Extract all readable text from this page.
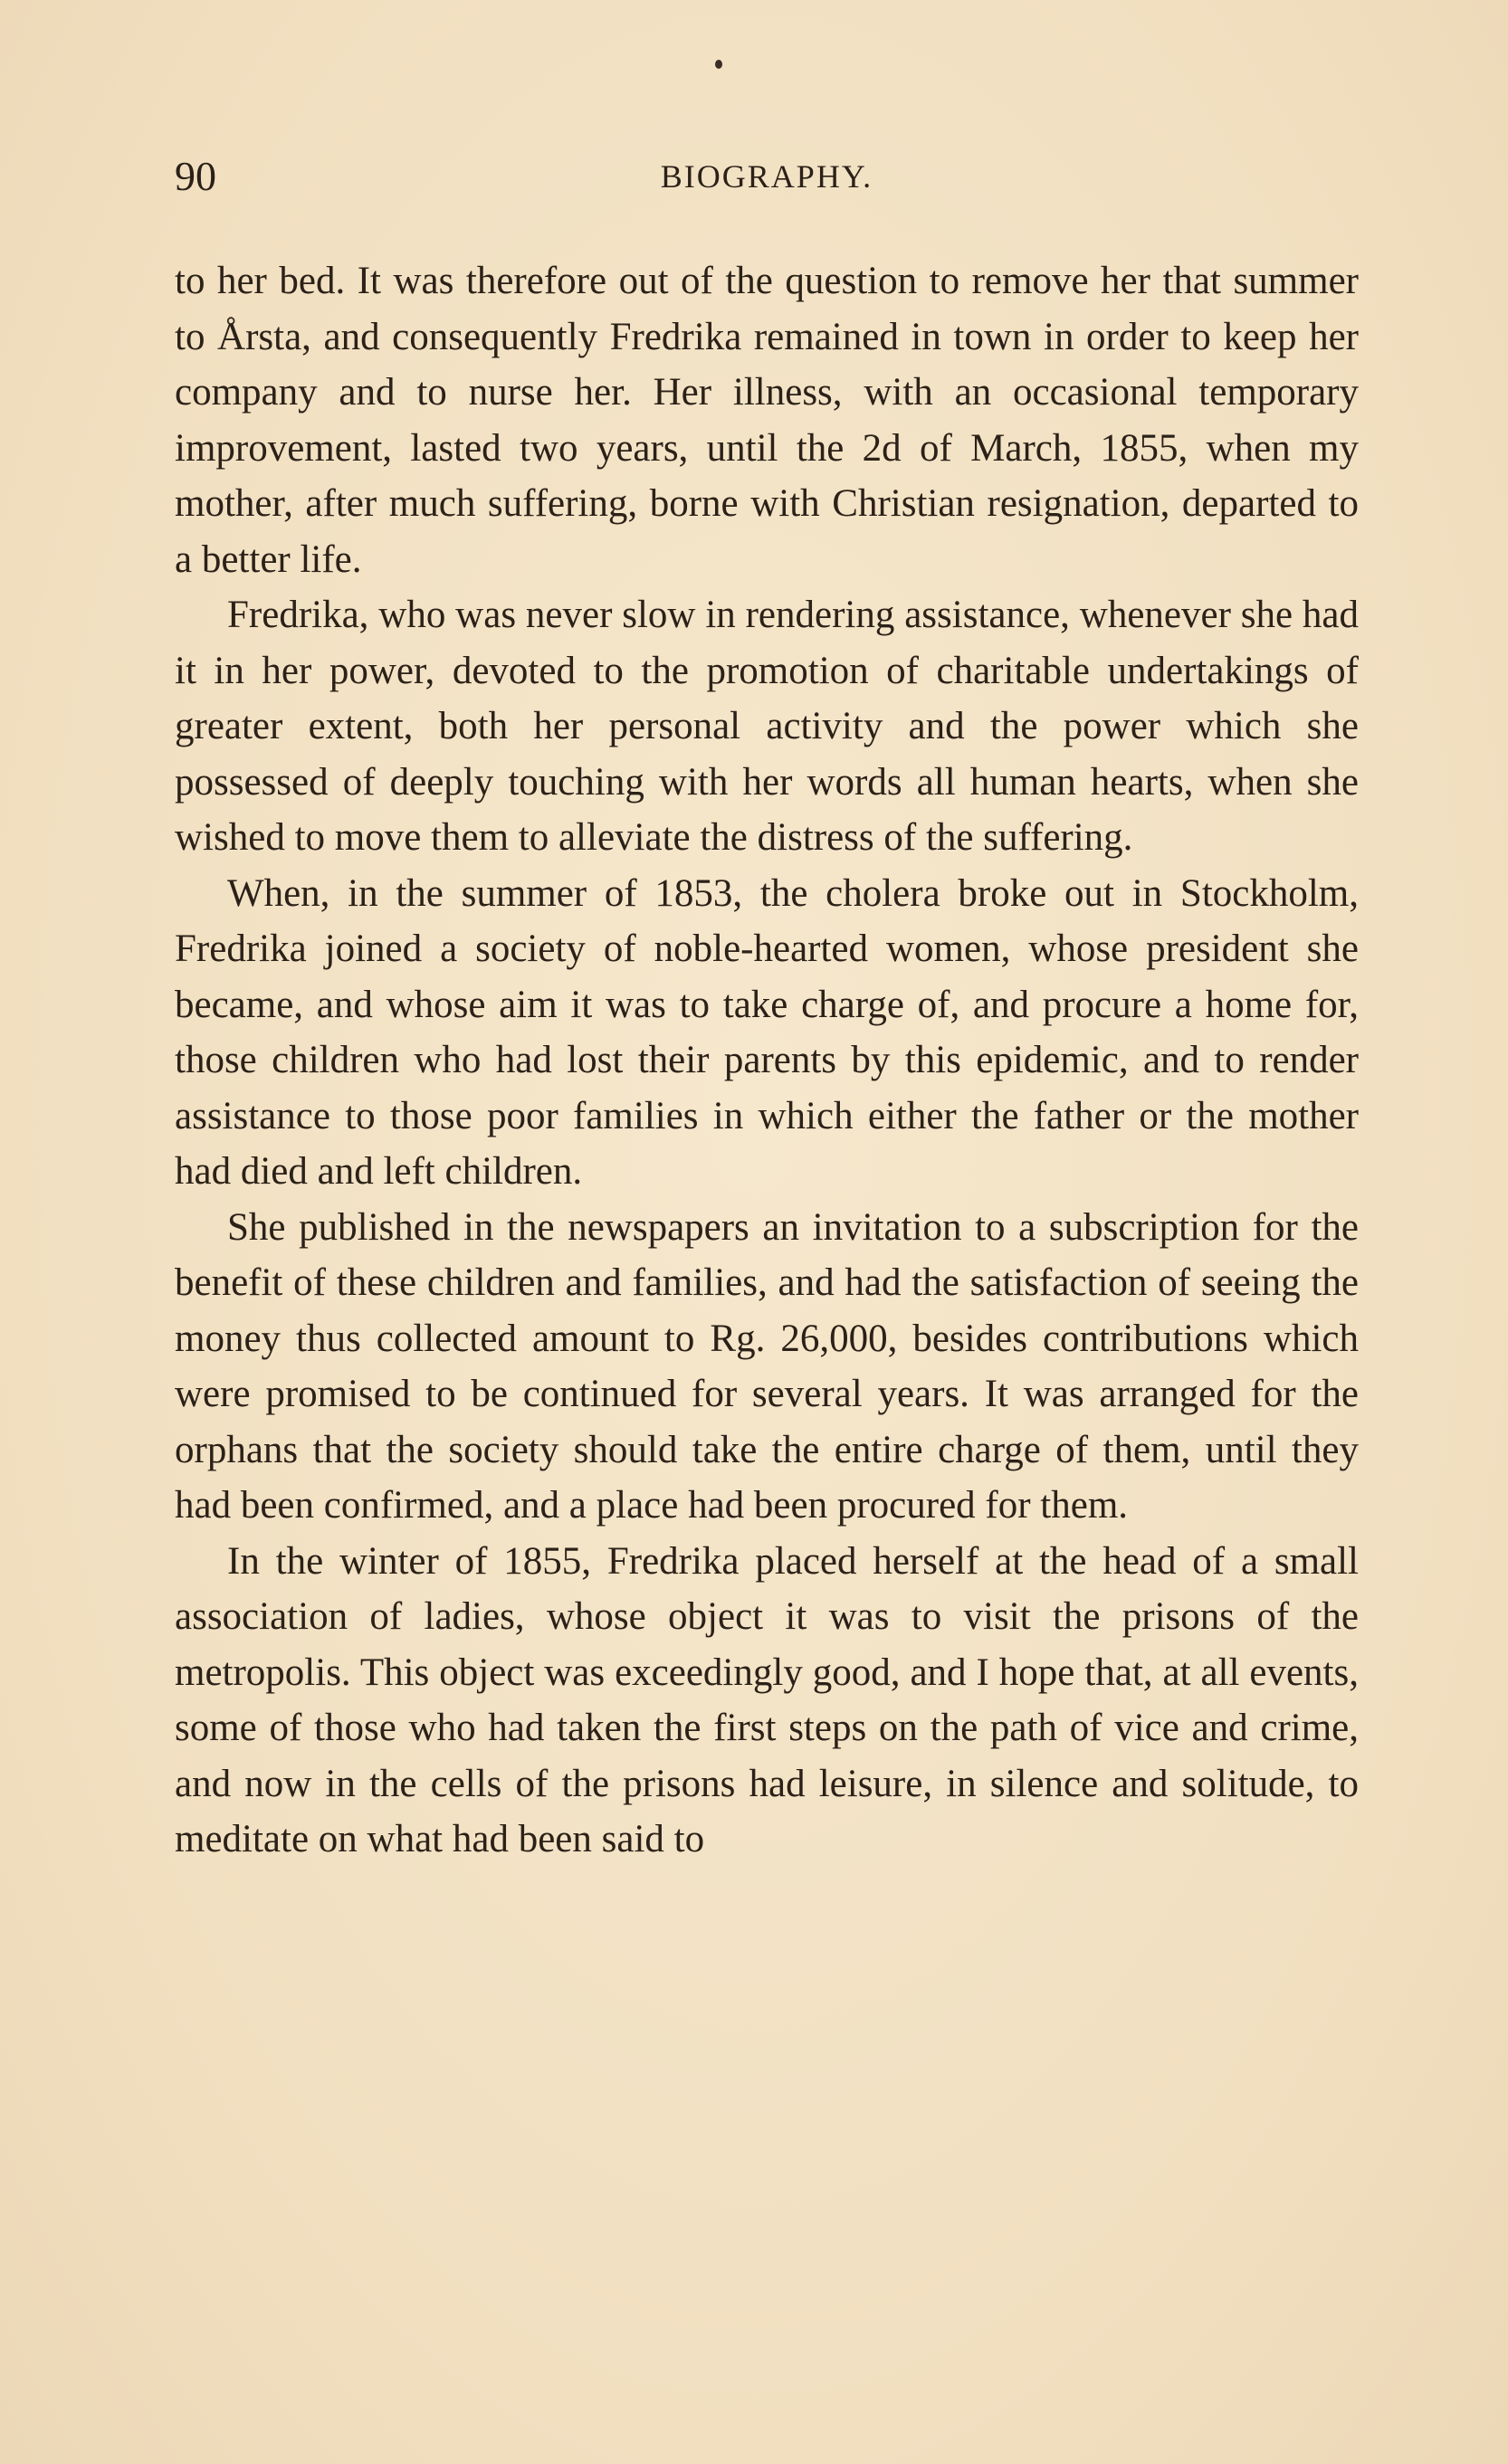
90	BIOGRAPHY.

to her bed. It was therefore out of the question to remove her that summer to Årsta, and consequently Fredrika remained in town in order to keep her company and to nurse her. Her illness, with an occasional temporary improvement, lasted two years, until the 2d of March, 1855, when my mother, after much suffering, borne with Christian resignation, departed to a better life.

Fredrika, who was never slow in rendering assistance, whenever she had it in her power, devoted to the promotion of charitable undertakings of greater extent, both her personal activity and the power which she possessed of deeply touching with her words all human hearts, when she wished to move them to alleviate the distress of the suffering.

When, in the summer of 1853, the cholera broke out in Stockholm, Fredrika joined a society of noble-hearted women, whose president she became, and whose aim it was to take charge of, and procure a home for, those children who had lost their parents by this epidemic, and to render assistance to those poor families in which either the father or the mother had died and left children.

She published in the newspapers an invitation to a subscription for the benefit of these children and families, and had the satisfaction of seeing the money thus collected amount to Rg. 26,000, besides contributions which were promised to be continued for several years. It was arranged for the orphans that the society should take the entire charge of them, until they had been confirmed, and a place had been procured for them.

In the winter of 1855, Fredrika placed herself at the head of a small association of ladies, whose object it was to visit the prisons of the metropolis. This object was exceedingly good, and I hope that, at all events, some of those who had taken the first steps on the path of vice and crime, and now in the cells of the prisons had leisure, in silence and solitude, to meditate on what had been said to
